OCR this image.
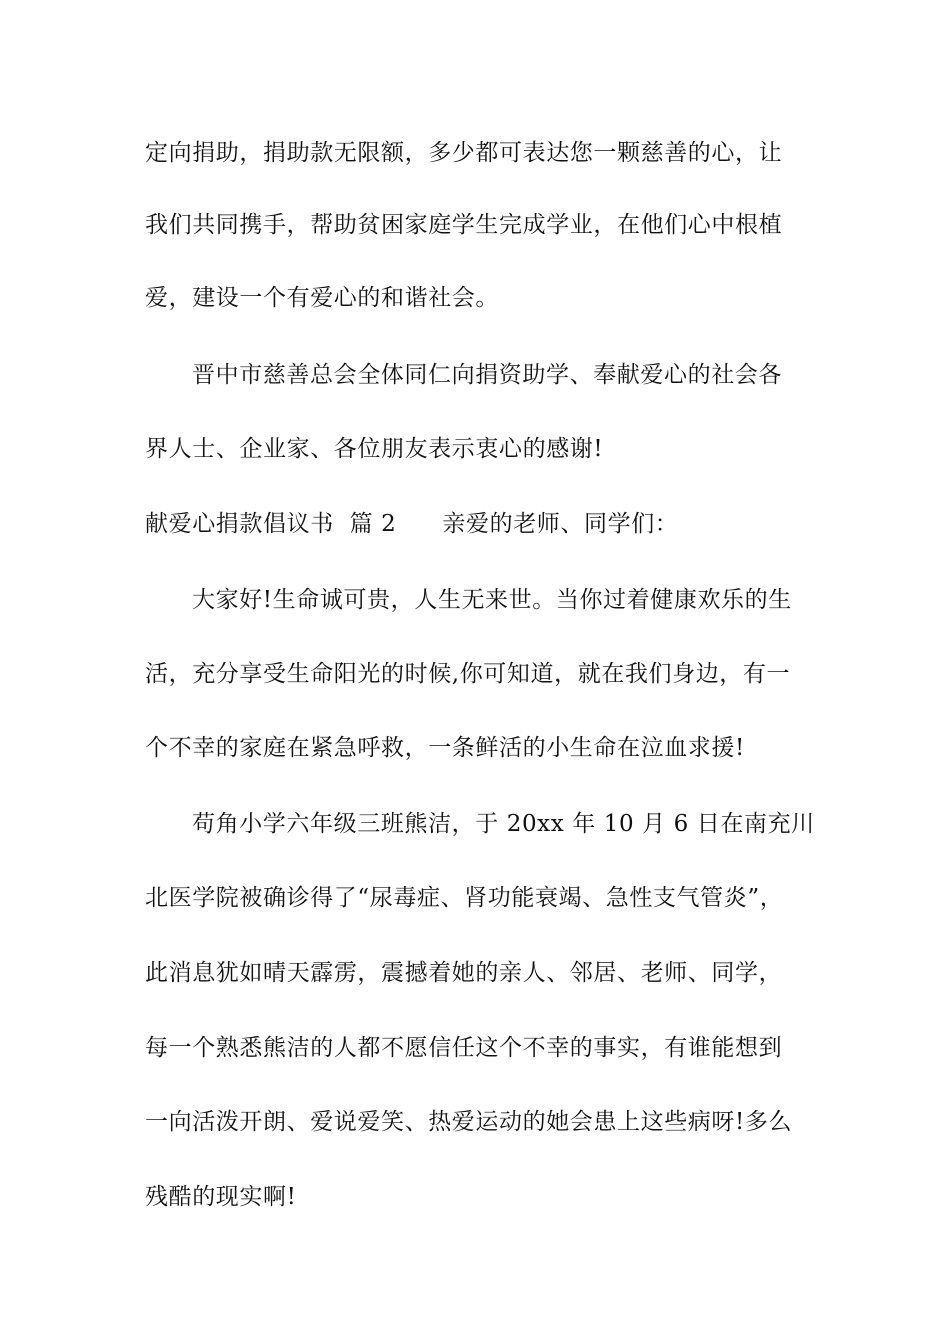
定向捐助，捐助款无限额，多少都可表达您一颗慈善的心，让
我们共同携手，帮助贫困家庭学生完成学业，在他们心中根植
爱，建设一个有爱心的和谐社会。
晋中市慈善总会全体同仁向捐资助学、奉献爱心的社会各
界人士、企业家、各位朋友表示衷心的感谢!
献爱心捐款倡议书 篇 2 亲爱的老师、同学们：
大家好!生命诚可贵，人生无来世。当你过着健康欢乐的生
活，充分享受生命阳光的时候,你可知道，就在我们身边，有一
个不幸的家庭在紧急呼救，一条鲜活的小生命在泣血求援!
苟角小学六年级三班熊洁，于 20xx 年 10 月 6 日在南充川
北医学院被确诊得了“尿毒症、肾功能衰竭、急性支气管炎”，
此消息犹如晴天霹雳，震撼着她的亲人、邻居、老师、同学，
每一个熟悉熊洁的人都不愿信任这个不幸的事实，有谁能想到
一向活泼开朗、爱说爱笑、热爱运动的她会患上这些病呀!多么
残酷的现实啊!
